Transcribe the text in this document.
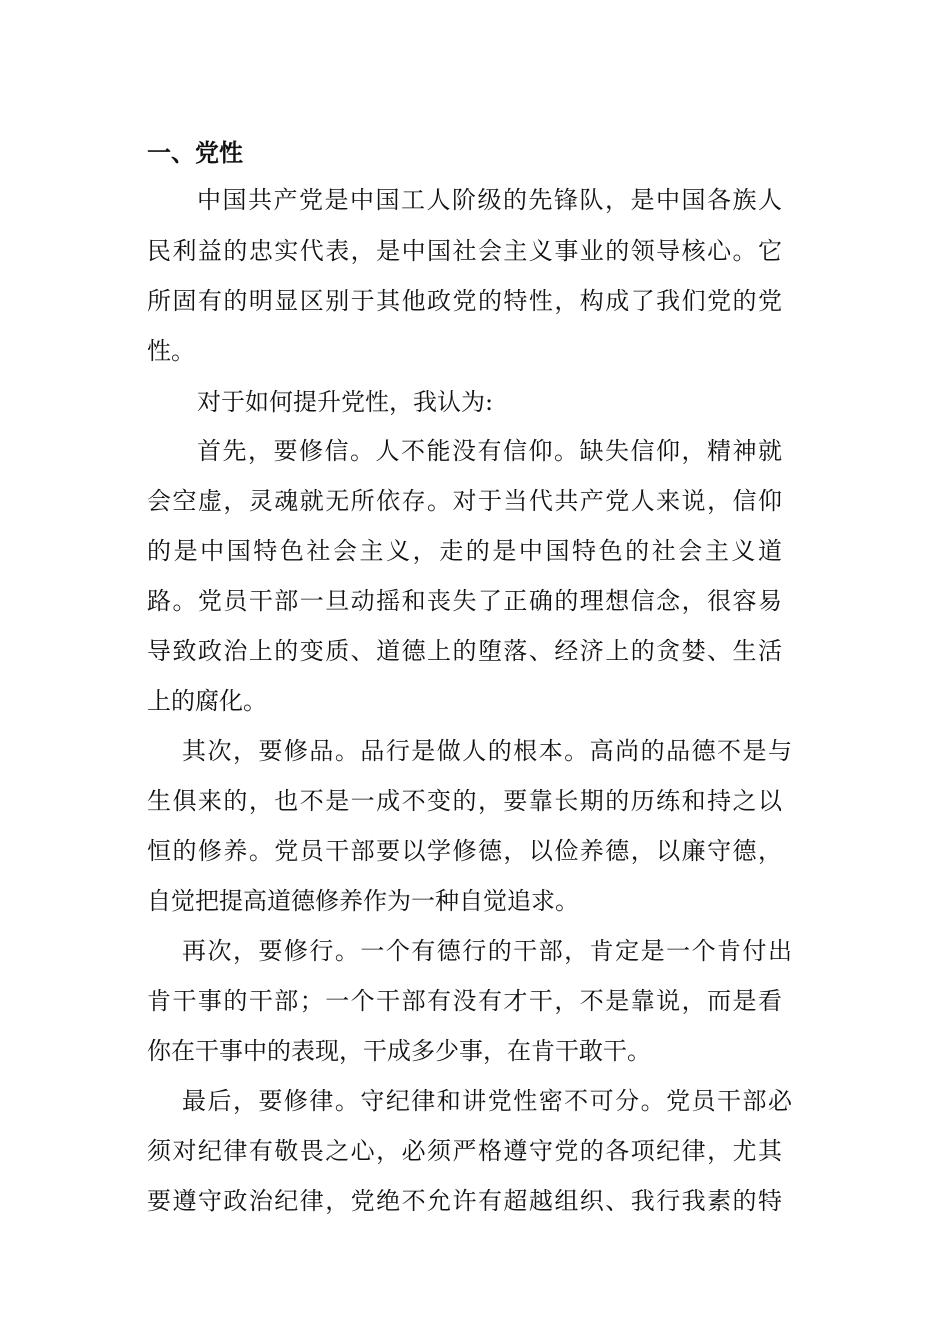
一、党性
中国共产党是中国工人阶级的先锋队，是中国各族人
民利益的忠实代表，是中国社会主义事业的领导核心。它
所固有的明显区别于其他政党的特性，构成了我们党的党
性。
对于如何提升党性，我认为:
首先，要修信。人不能没有信仰。缺失信仰，精神就
会空虚，灵魂就无所依存。对于当代共产党人来说，信仰
的是中国特色社会主义，走的是中国特色的社会主义道
路。党员干部一旦动摇和丧失了正确的理想信念，很容易
导致政治上的变质、道德上的堕落、经济上的贪婪、生活
上的腐化。
其次，要修品。品行是做人的根本。高尚的品德不是与
生俱来的，也不是一成不变的，要靠长期的历练和持之以
恒的修养。党员干部要以学修德，以俭养德，以廉守德，
自觉把提高道德修养作为一种自觉追求。
再次，要修行。一个有德行的干部，肯定是一个肯付出
肯干事的干部；一个干部有没有才干，不是靠说，而是看
你在干事中的表现，干成多少事，在肯干敢干。
最后，要修律。守纪律和讲党性密不可分。党员干部必
须对纪律有敬畏之心，必须严格遵守党的各项纪律，尤其
要遵守政治纪律，党绝不允许有超越组织、我行我素的特
